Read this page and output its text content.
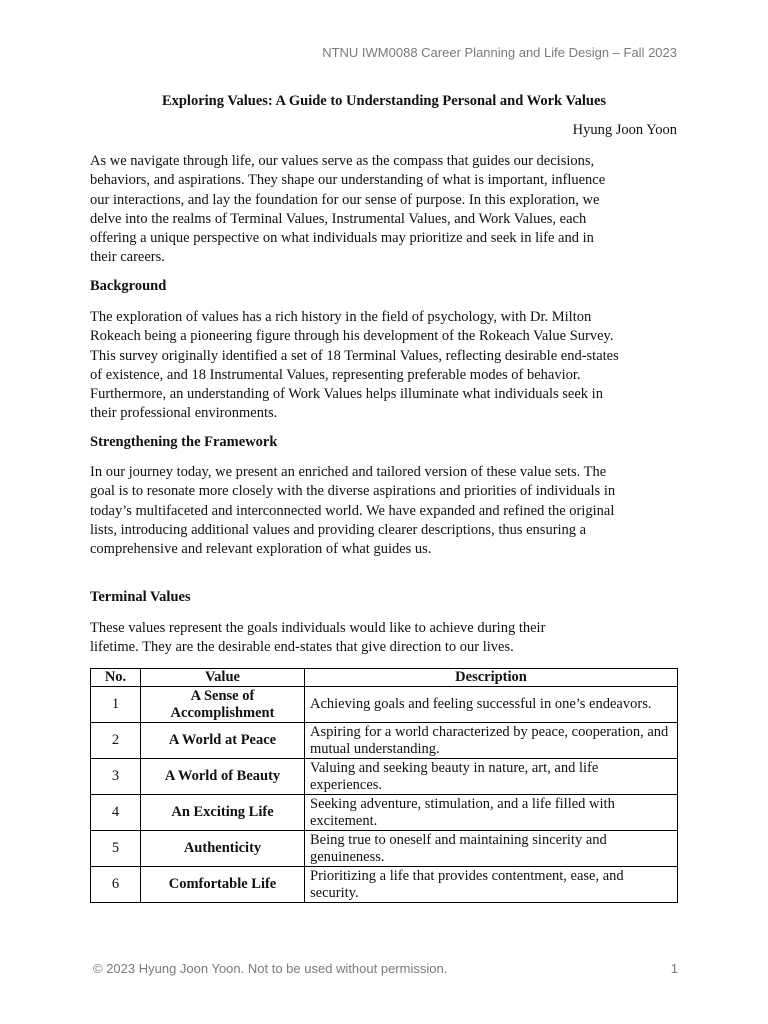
NTNU IWM0088 Career Planning and Life Design – Fall 2023
Exploring Values: A Guide to Understanding Personal and Work Values
Hyung Joon Yoon

As we navigate through life, our values serve as the compass that guides our decisions, behaviors, and aspirations. They shape our understanding of what is important, influence our interactions, and lay the foundation for our sense of purpose. In this exploration, we delve into the realms of Terminal Values, Instrumental Values, and Work Values, each offering a unique perspective on what individuals may prioritize and seek in life and in their careers.

Background

The exploration of values has a rich history in the field of psychology, with Dr. Milton Rokeach being a pioneering figure through his development of the Rokeach Value Survey. This survey originally identified a set of 18 Terminal Values, reflecting desirable end-states of existence, and 18 Instrumental Values, representing preferable modes of behavior. Furthermore, an understanding of Work Values helps illuminate what individuals seek in their professional environments.

Strengthening the Framework

In our journey today, we present an enriched and tailored version of these value sets. The goal is to resonate more closely with the diverse aspirations and priorities of individuals in today’s multifaceted and interconnected world. We have expanded and refined the original lists, introducing additional values and providing clearer descriptions, thus ensuring a comprehensive and relevant exploration of what guides us.

Terminal Values

These values represent the goals individuals would like to achieve during their lifetime. They are the desirable end-states that give direction to our lives.

No.	Value	Description
1	A Sense of Accomplishment	Achieving goals and feeling successful in one’s endeavors.
2	A World at Peace	Aspiring for a world characterized by peace, cooperation, and mutual understanding.
3	A World of Beauty	Valuing and seeking beauty in nature, art, and life experiences.
4	An Exciting Life	Seeking adventure, stimulation, and a life filled with excitement.
5	Authenticity	Being true to oneself and maintaining sincerity and genuineness.
6	Comfortable Life	Prioritizing a life that provides contentment, ease, and security.
© 2023 Hyung Joon Yoon. Not to be used without permission.	1
